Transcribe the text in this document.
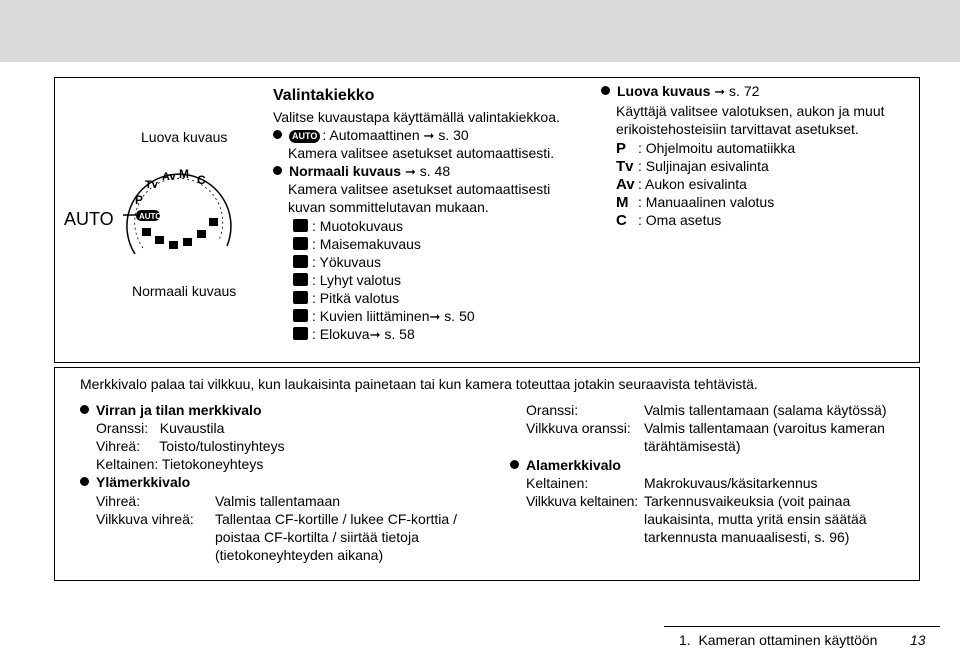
AUTO
Luova kuvaus
Normaali kuvaus
P
Tv
Av M C
AUTO
Valintakiekko
Valitse kuvaustapa käyttämällä valintakiekkoa.
AUTO : Automaattinen ➞ s. 30
Kamera valitsee asetukset automaattisesti.
Normaali kuvaus ➞ s. 48
Kamera valitsee asetukset automaattisesti
kuvan sommittelutavan mukaan.
: Muotokuvaus
: Maisemakuvaus
: Yökuvaus
: Lyhyt valotus
: Pitkä valotus
: Kuvien liittäminen➞ s. 50
: Elokuva➞ s. 58
Luova kuvaus ➞ s. 72
Käyttäjä valitsee valotuksen, aukon ja muut
erikoistehosteisiin tarvittavat asetukset.
P : Ohjelmoitu automatiikka
Tv : Suljinajan esivalinta
Av : Aukon esivalinta
M : Manuaalinen valotus
C : Oma asetus
Merkkivalo palaa tai vilkkuu, kun laukaisinta painetaan tai kun kamera toteuttaa jotakin seuraavista tehtävistä.
Virran ja tilan merkkivalo
Oranssi:   Kuvaustila
Vihreä:     Toisto/tulostinyhteys
Keltainen: Tietokoneyhteys
Ylämerkkivalo
Vihreä:	Valmis tallentamaan
Vilkkuva vihreä: Tallentaa CF-kortille / lukee CF-korttia /
poistaa CF-kortilta / siirtää tietoja
(tietokoneyhteyden aikana)
Oranssi:	Valmis tallentamaan (salama käytössä)
Vilkkuva oranssi: Valmis tallentamaan (varoitus kameran
tärähtämisestä)
Alamerkkivalo
Keltainen:	Makrokuvaus/käsitarkennus
Vilkkuva keltainen: Tarkennusvaikeuksia (voit painaa
laukaisinta, mutta yritä ensin säätää
tarkennusta manuaalisesti, s. 96)
1.  Kameran ottaminen käyttöön 13
